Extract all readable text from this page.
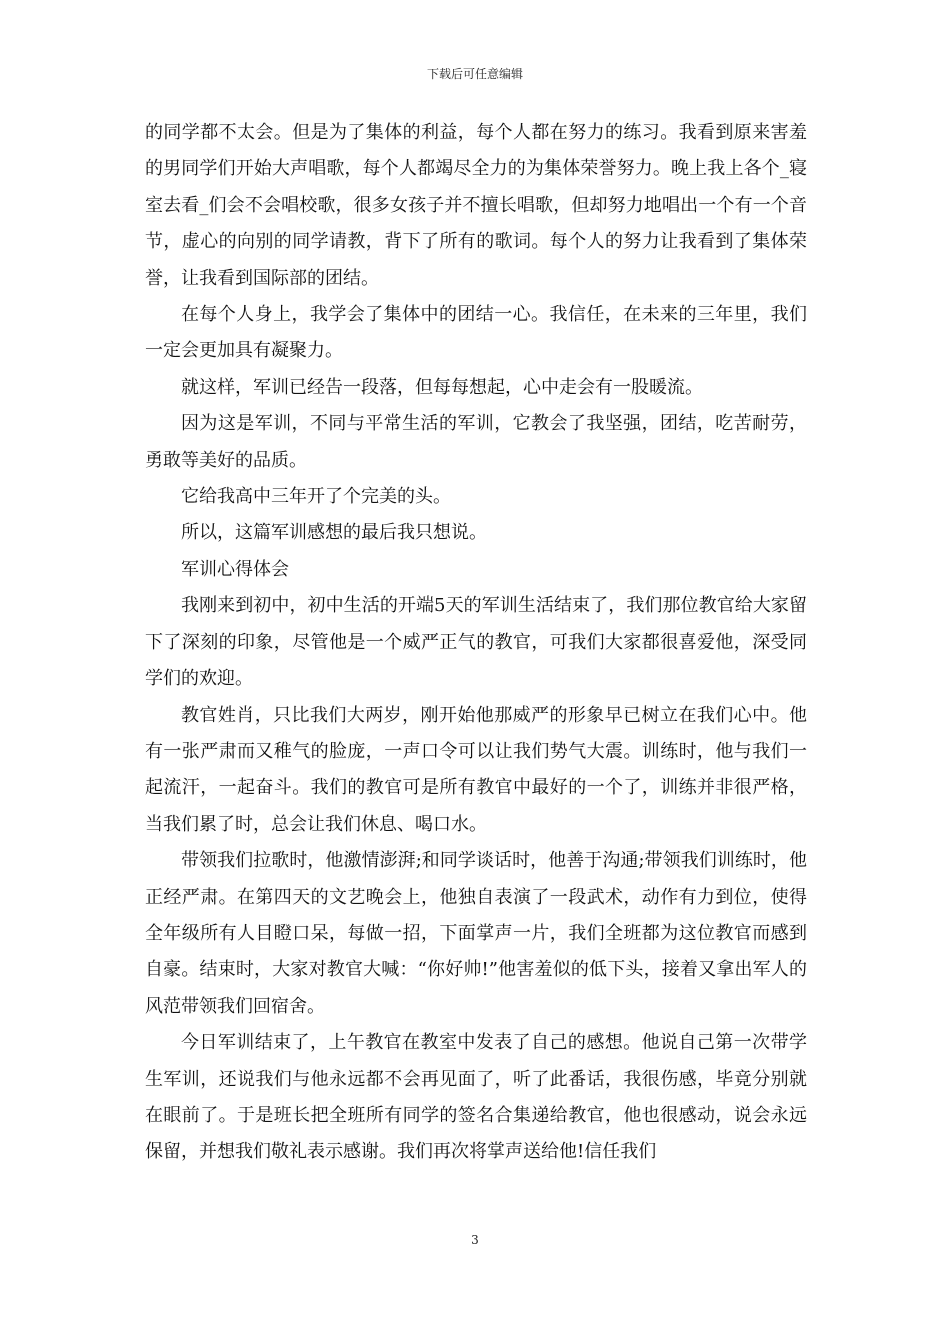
下载后可任意编辑

的同学都不太会。但是为了集体的利益，每个人都在努力的练习。我看到原来害羞的男同学们开始大声唱歌，每个人都竭尽全力的为集体荣誉努力。晚上我上各个_寝室去看_们会不会唱校歌，很多女孩子并不擅长唱歌，但却努力地唱出一个有一个音节，虚心的向别的同学请教，背下了所有的歌词。每个人的努力让我看到了集体荣誉，让我看到国际部的团结。

在每个人身上，我学会了集体中的团结一心。我信任，在未来的三年里，我们一定会更加具有凝聚力。

就这样，军训已经告一段落，但每每想起，心中走会有一股暖流。

因为这是军训，不同与平常生活的军训，它教会了我坚强，团结，吃苦耐劳，勇敢等美好的品质。

它给我高中三年开了个完美的头。

所以，这篇军训感想的最后我只想说。

军训心得体会

我刚来到初中，初中生活的开端5天的军训生活结束了，我们那位教官给大家留下了深刻的印象，尽管他是一个威严正气的教官，可我们大家都很喜爱他，深受同学们的欢迎。

教官姓肖，只比我们大两岁，刚开始他那威严的形象早已树立在我们心中。他有一张严肃而又稚气的脸庞，一声口令可以让我们势气大震。训练时，他与我们一起流汗，一起奋斗。我们的教官可是所有教官中最好的一个了，训练并非很严格，当我们累了时，总会让我们休息、喝口水。

带领我们拉歌时，他激情澎湃;和同学谈话时，他善于沟通;带领我们训练时，他正经严肃。在第四天的文艺晚会上，他独自表演了一段武术，动作有力到位，使得全年级所有人目瞪口呆，每做一招，下面掌声一片，我们全班都为这位教官而感到自豪。结束时，大家对教官大喊：“你好帅!”他害羞似的低下头，接着又拿出军人的风范带领我们回宿舍。

今日军训结束了，上午教官在教室中发表了自己的感想。他说自己第一次带学生军训，还说我们与他永远都不会再见面了，听了此番话，我很伤感，毕竟分别就在眼前了。于是班长把全班所有同学的签名合集递给教官，他也很感动，说会永远保留，并想我们敬礼表示感谢。我们再次将掌声送给他!信任我们

3
